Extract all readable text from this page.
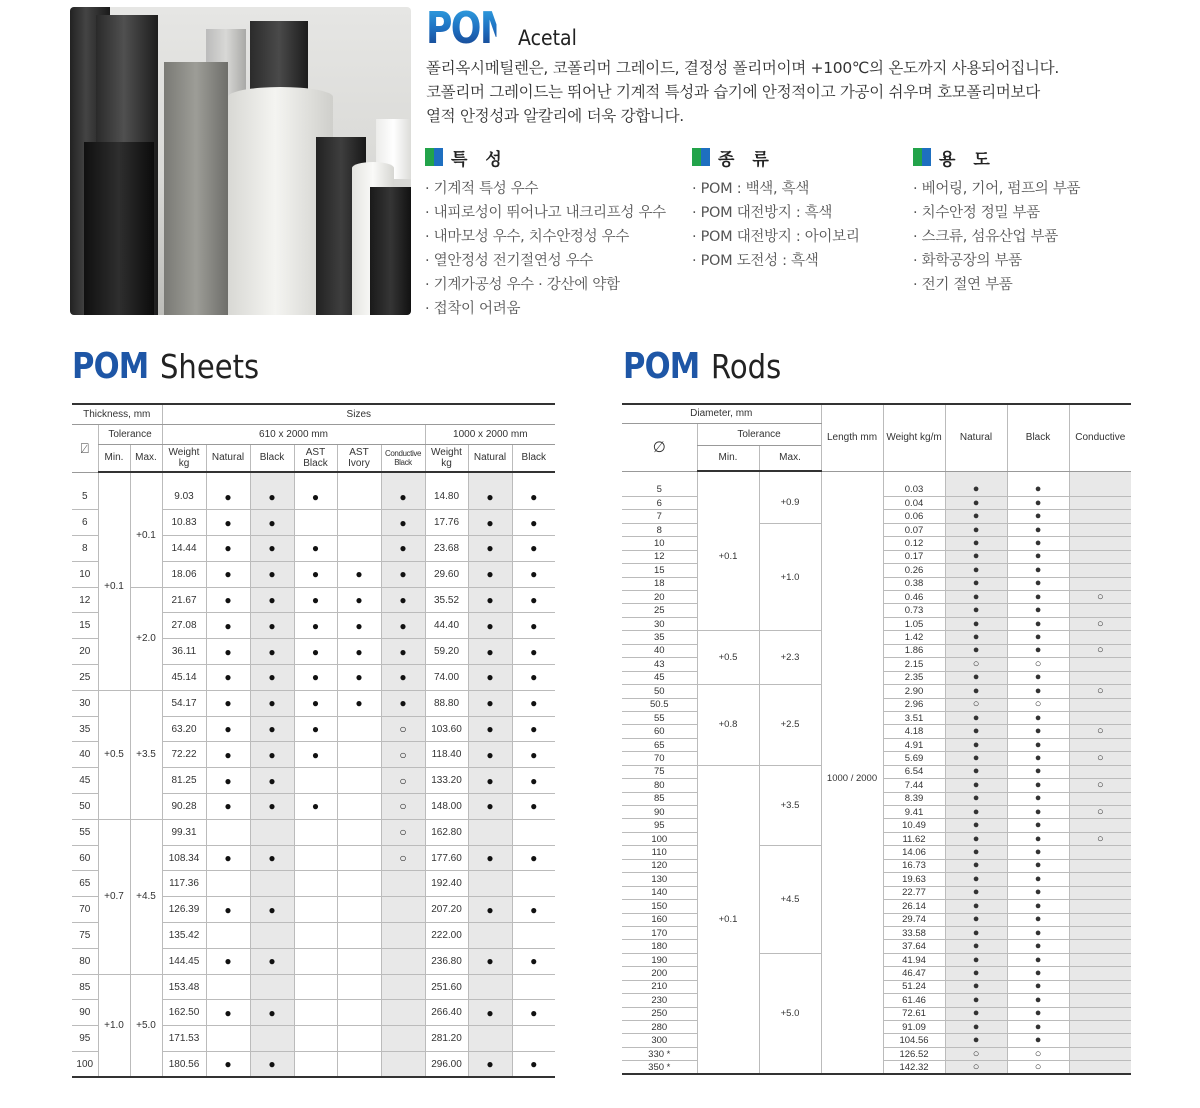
POM Acetal
폴리옥시메틸렌은, 코폴리머 그레이드, 결정성 폴리머이며 +100℃의 온도까지 사용되어집니다.
코폴리머 그레이드는 뛰어난 기계적 특성과 습기에 안정적이고 가공이 쉬우며 호모폴리머보다
열적 안정성과 알칼리에 더욱 강합니다.
특 성
· 기계적 특성 우수
· 내피로성이 뛰어나고 내크리프성 우수
· 내마모성 우수, 치수안정성 우수
· 열안정성 전기절연성 우수
· 기계가공성 우수 · 강산에 약함
· 접착이 어려움
종 류
· POM : 백색, 흑색
· POM 대전방지 : 흑색
· POM 대전방지 : 아이보리
· POM 도전성 : 흑색
용 도
· 베어링, 기어, 펌프의 부품
· 치수안정 정밀 부품
· 스크류, 섬유산업 부품
· 화학공장의 부품
· 전기 절연 부품
POM Sheets	POM Rods
Thickness, mm			Sizes								
⍁	Tolerance		610 x 2000 mm						1000 x 2000 mm		
	Min.	Max.	Weight kg	Natural	Black	AST Black	AST Ivory	Conductive Black	Weight kg	Natural	Black

5	+0.1	+0.1	9.03	●	●	●		●	14.80	●	●
6			10.83	●	●			●	17.76	●	●
8			14.44	●	●	●		●	23.68	●	●
10			18.06	●	●	●	●	●	29.60	●	●
12		+2.0	21.67	●	●	●	●	●	35.52	●	●
15			27.08	●	●	●	●	●	44.40	●	●
20			36.11	●	●	●	●	●	59.20	●	●
25			45.14	●	●	●	●	●	74.00	●	●
30	+0.5	+3.5	54.17	●	●	●	●	●	88.80	●	●
35			63.20	●	●	●		○	103.60	●	●
40			72.22	●	●	●		○	118.40	●	●
45			81.25	●	●			○	133.20	●	●
50			90.28	●	●	●		○	148.00	●	●
55	+0.7	+4.5	99.31					○	162.80		
60			108.34	●	●			○	177.60	●	●
65			117.36						192.40		
70			126.39	●	●				207.20	●	●
75			135.42						222.00		
80			144.45	●	●				236.80	●	●
85	+1.0	+5.0	153.48						251.60		
90			162.50	●	●				266.40	●	●
95			171.53						281.20		
100			180.56	●	●				296.00	●	●
Diameter, mm			Length mm	Weight kg/m	Natural	Black	Conductive
∅	Tolerance						
	Min.	Max.					

5	+0.1	+0.9	1000 / 2000	0.03	●	●	
6				0.04	●	●	
7				0.06	●	●	
8		+1.0		0.07	●	●	
10				0.12	●	●	
12				0.17	●	●	
15				0.26	●	●	
18				0.38	●	●	
20				0.46	●	●	○
25				0.73	●	●	
30				1.05	●	●	○
35	+0.5	+2.3		1.42	●	●	
40				1.86	●	●	○
43				2.15	○	○	
45				2.35	●	●	
50	+0.8	+2.5		2.90	●	●	○
50.5				2.96	○	○	
55				3.51	●	●	
60				4.18	●	●	○
65				4.91	●	●	
70				5.69	●	●	○
75	+0.1	+3.5		6.54	●	●	
80				7.44	●	●	○
85				8.39	●	●	
90				9.41	●	●	○
95				10.49	●	●	
100				11.62	●	●	○
110		+4.5		14.06	●	●	
120				16.73	●	●	
130				19.63	●	●	
140				22.77	●	●	
150				26.14	●	●	
160				29.74	●	●	
170				33.58	●	●	
180				37.64	●	●	
190		+5.0		41.94	●	●	
200				46.47	●	●	
210				51.24	●	●	
230				61.46	●	●	
250				72.61	●	●	
280				91.09	●	●	
300				104.56	●	●	
330 *				126.52	○	○	
350 *				142.32	○	○	
